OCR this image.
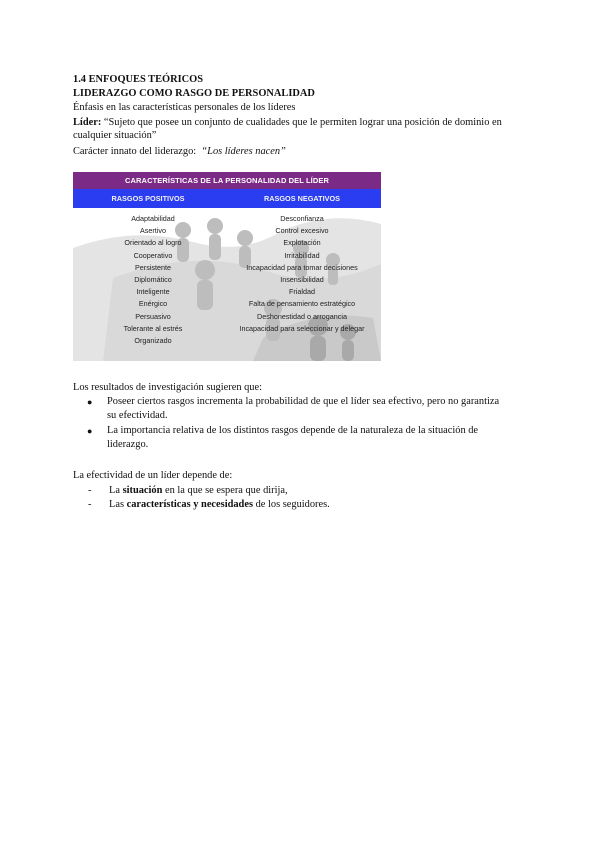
1.4 ENFOQUES TEÓRICOS
LIDERAZGO COMO RASGO DE PERSONALIDAD
Énfasis en las características personales de los líderes
Líder: “Sujeto que posee un conjunto de cualidades que le permiten lograr una posición de dominio en
cualquier situación”
Carácter innato del liderazgo: “Los líderes nacen”
CARACTERÍSTICAS DE LA PERSONALIDAD DEL LÍDER
RASGOS POSITIVOS	RASGOS NEGATIVOS
Adaptabilidad
Asertivo
Orientado al logro
Cooperativo
Persistente
Diplomático
Inteligente
Enérgico
Persuasivo
Tolerante al estrés
Organizado
Desconfianza
Control excesivo
Explotación
Irritabilidad
Incapacidad para tomar decisiones
Insensibilidad
Frialdad
Falta de pensamiento estratégico
Deshonestidad o arrogancia
Incapacidad para seleccionar y delegar
Los resultados de investigación sugieren que:
● Poseer ciertos rasgos incrementa la probabilidad de que el líder sea efectivo, pero no garantiza
su efectividad.
● La importancia relativa de los distintos rasgos depende de la naturaleza de la situación de
liderazgo.
La efectividad de un líder depende de:
- La situación en la que se espera que dirija,
- Las características y necesidades de los seguidores.
